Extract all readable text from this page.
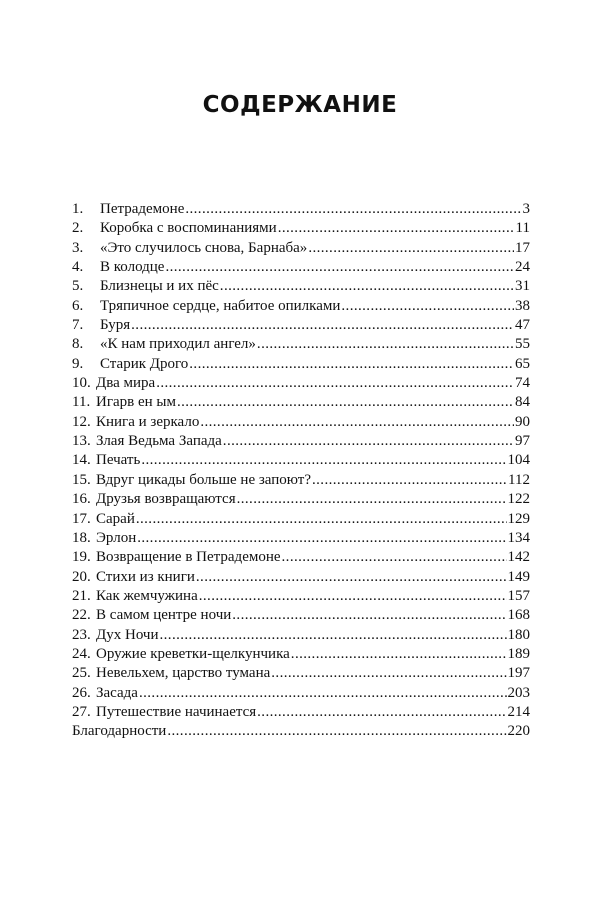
СОДЕРЖАНИЕ
1.	Петрадемоне .....	3
2.	Коробка с воспоминаниями .....	11
3.	«Это случилось снова, Барнаба» .....	17
4.	В колодце .....	24
5.	Близнецы и их пёс .....	31
6.	Тряпичное сердце, набитое опилками .....	38
7.	Буря .....	47
8.	«К нам приходил ангел» .....	55
9.	Старик Дрого .....	65
10. Два мира .....	74
11. Игарв ен ым .....	84
12. Книга и зеркало .....	90
13. Злая Ведьма Запада .....	97
14. Печать .....	104
15. Вдруг цикады больше не запоют? .....	112
16. Друзья возвращаются .....	122
17. Сарай .....	129
18. Эрлон .....	134
19. Возвращение в Петрадемоне .....	142
20. Стихи из книги .....	149
21. Как жемчужина .....	157
22. В самом центре ночи .....	168
23. Дух Ночи .....	180
24. Оружие креветки-щелкунчика .....	189
25. Невельхем, царство тумана .....	197
26. Засада .....	203
27. Путешествие начинается .....	214
Благодарности .....	220
